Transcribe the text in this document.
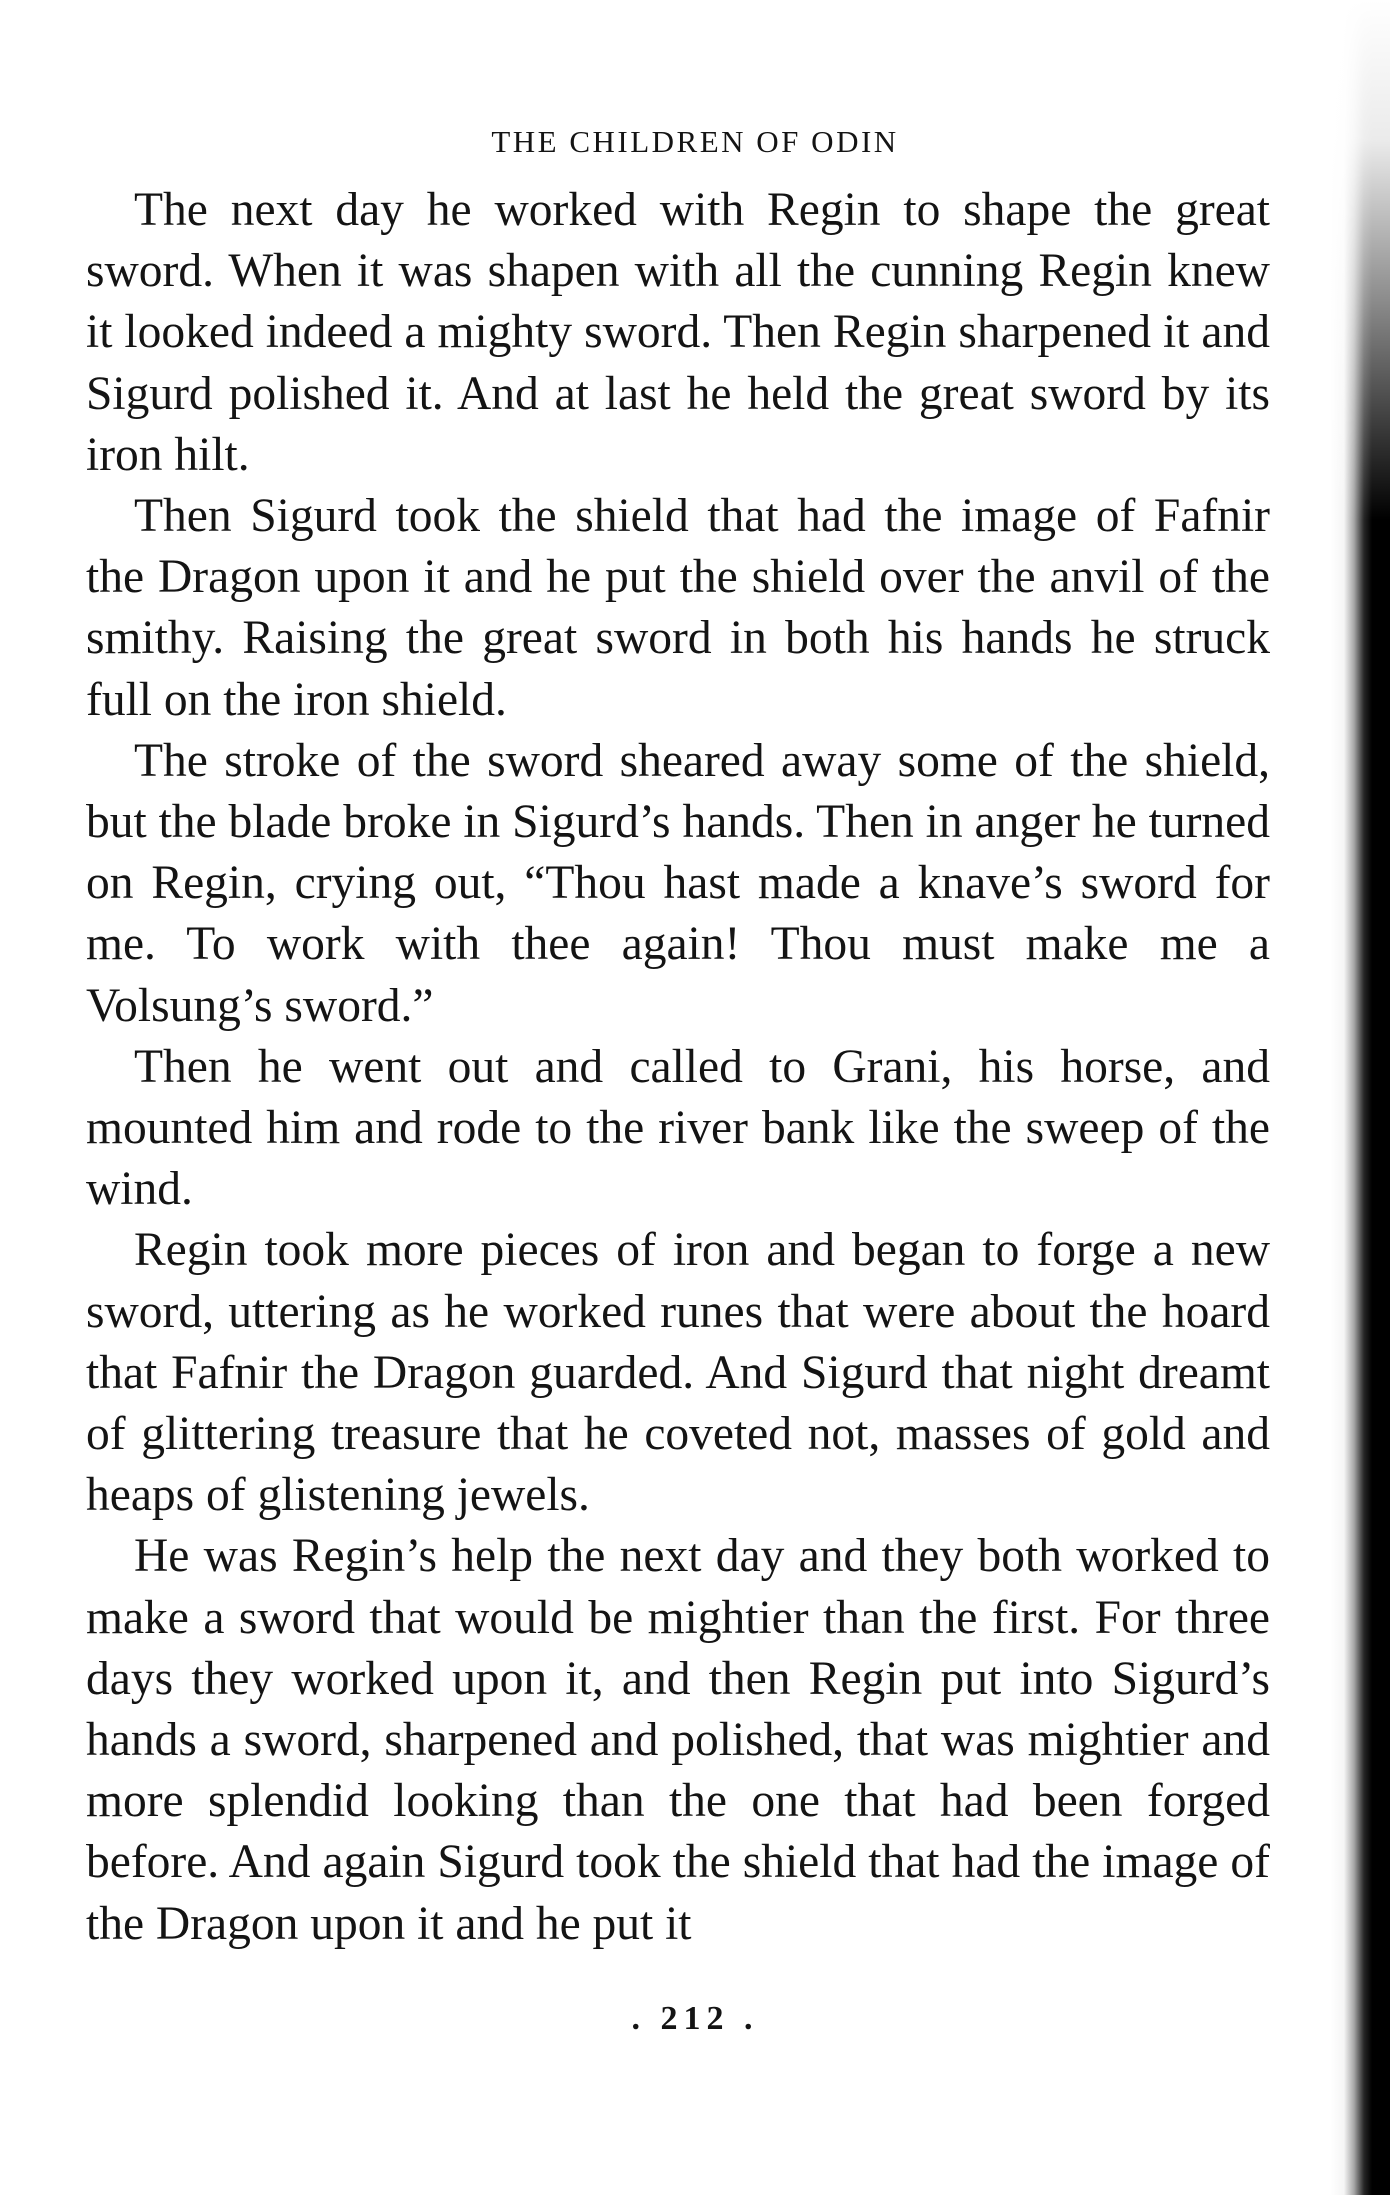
THE CHILDREN OF ODIN

The next day he worked with Regin to shape the great sword. When it was shapen with all the cunning Regin knew it looked indeed a mighty sword. Then Regin sharpened it and Sigurd polished it. And at last he held the great sword by its iron hilt.

Then Sigurd took the shield that had the image of Fafnir the Dragon upon it and he put the shield over the anvil of the smithy. Raising the great sword in both his hands he struck full on the iron shield.

The stroke of the sword sheared away some of the shield, but the blade broke in Sigurd’s hands. Then in anger he turned on Regin, crying out, “Thou hast made a knave’s sword for me. To work with thee again! Thou must make me a Volsung’s sword.”

Then he went out and called to Grani, his horse, and mounted him and rode to the river bank like the sweep of the wind.

Regin took more pieces of iron and began to forge a new sword, uttering as he worked runes that were about the hoard that Fafnir the Dragon guarded. And Sigurd that night dreamt of glittering treasure that he coveted not, masses of gold and heaps of glistening jewels.

He was Regin’s help the next day and they both worked to make a sword that would be mightier than the first. For three days they worked upon it, and then Regin put into Sigurd’s hands a sword, sharpened and polished, that was mightier and more splendid looking than the one that had been forged before. And again Sigurd took the shield that had the image of the Dragon upon it and he put it

. 212 .
